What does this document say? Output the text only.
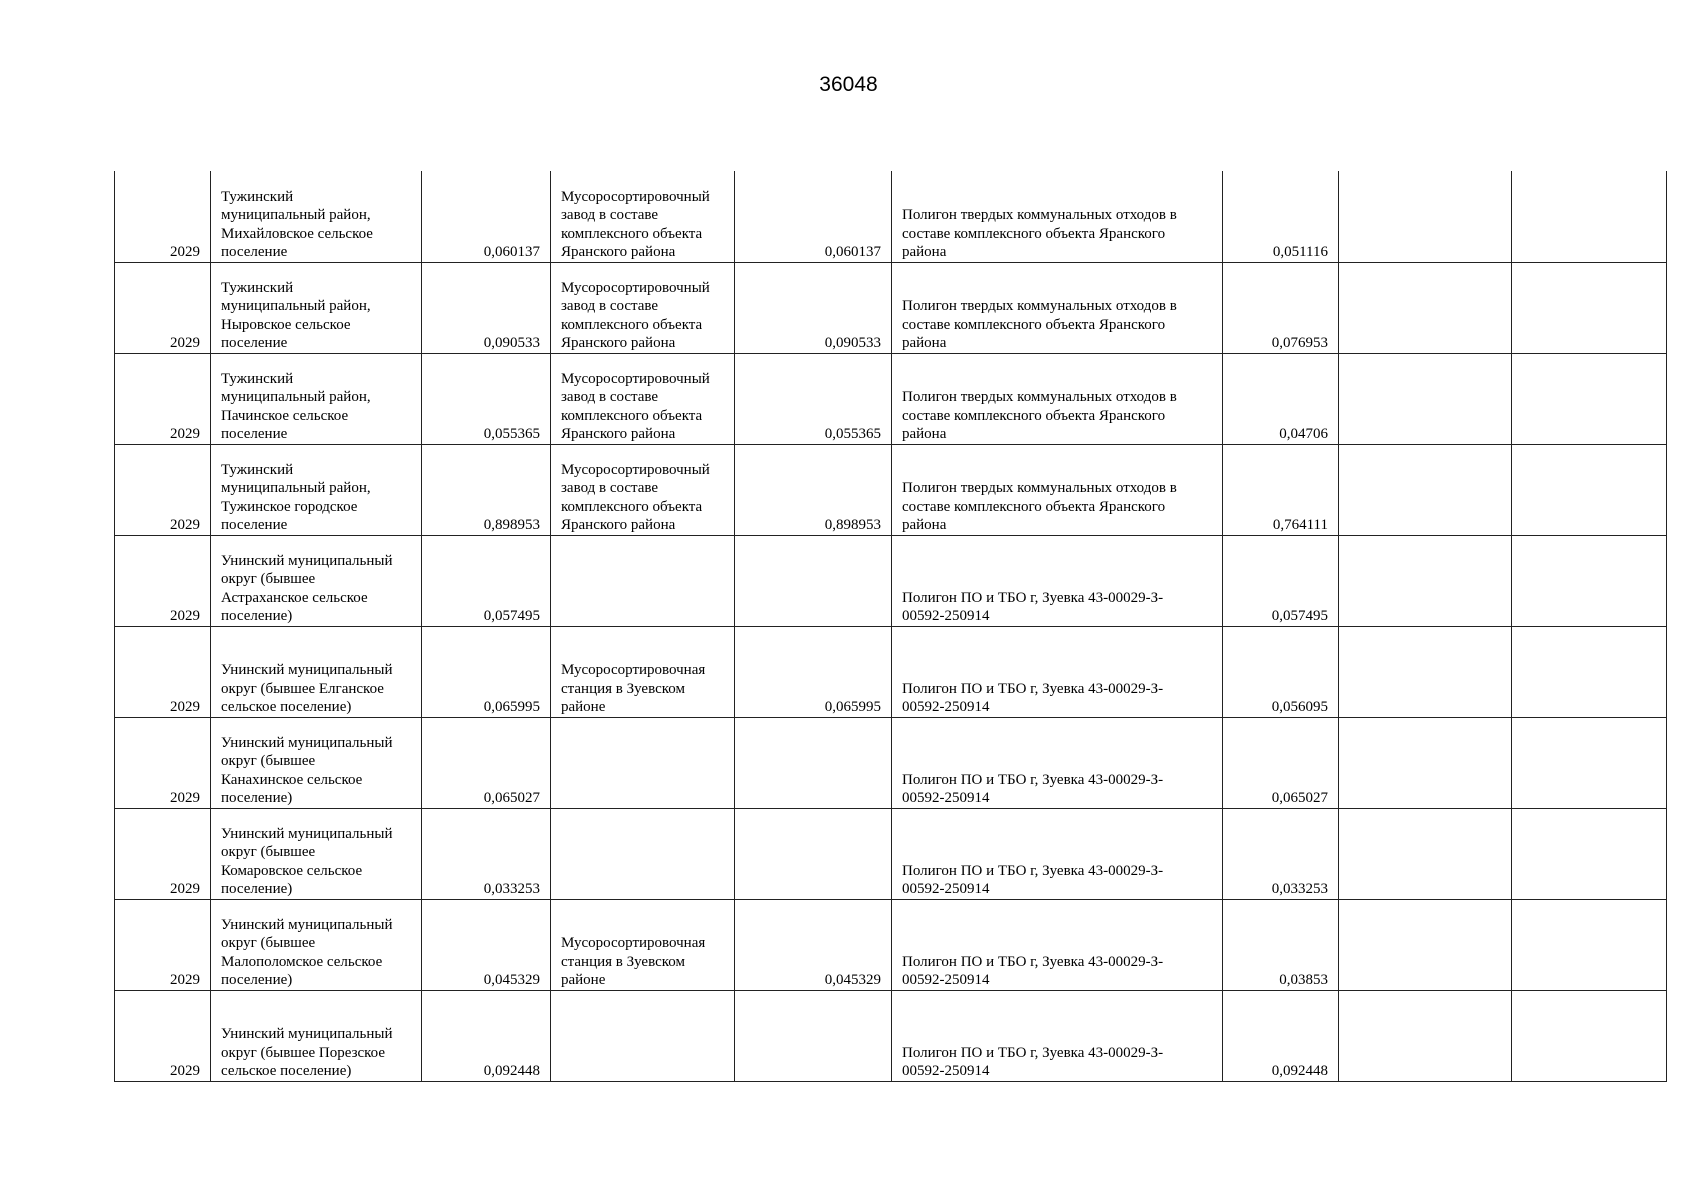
36048
2029	Тужинский
муниципальный район,
Михайловское сельское
поселение	0,060137	Мусоросортировочный
завод в составе
комплексного объекта
Яранского района	0,060137	Полигон твердых коммунальных отходов в
составе комплексного объекта Яранского
района	0,051116		
2029	Тужинский
муниципальный район,
Ныровское сельское
поселение	0,090533	Мусоросортировочный
завод в составе
комплексного объекта
Яранского района	0,090533	Полигон твердых коммунальных отходов в
составе комплексного объекта Яранского
района	0,076953		
2029	Тужинский
муниципальный район,
Пачинское сельское
поселение	0,055365	Мусоросортировочный
завод в составе
комплексного объекта
Яранского района	0,055365	Полигон твердых коммунальных отходов в
составе комплексного объекта Яранского
района	0,04706		
2029	Тужинский
муниципальный район,
Тужинское городское
поселение	0,898953	Мусоросортировочный
завод в составе
комплексного объекта
Яранского района	0,898953	Полигон твердых коммунальных отходов в
составе комплексного объекта Яранского
района	0,764111		
2029	Унинский муниципальный
округ (бывшее
Астраханское сельское
поселение)	0,057495			Полигон ПО и ТБО г, Зуевка 43-00029-З-
00592-250914	0,057495		
2029	Унинский муниципальный
округ (бывшее Елганское
сельское поселение)	0,065995	Мусоросортировочная
станция в Зуевском
районе	0,065995	Полигон ПО и ТБО г, Зуевка 43-00029-З-
00592-250914	0,056095		
2029	Унинский муниципальный
округ (бывшее
Канахинское сельское
поселение)	0,065027			Полигон ПО и ТБО г, Зуевка 43-00029-З-
00592-250914	0,065027		
2029	Унинский муниципальный
округ (бывшее
Комаровское сельское
поселение)	0,033253			Полигон ПО и ТБО г, Зуевка 43-00029-З-
00592-250914	0,033253		
2029	Унинский муниципальный
округ (бывшее
Малополомское сельское
поселение)	0,045329	Мусоросортировочная
станция в Зуевском
районе	0,045329	Полигон ПО и ТБО г, Зуевка 43-00029-З-
00592-250914	0,03853		
2029	Унинский муниципальный
округ (бывшее Порезское
сельское поселение)	0,092448			Полигон ПО и ТБО г, Зуевка 43-00029-З-
00592-250914	0,092448		
